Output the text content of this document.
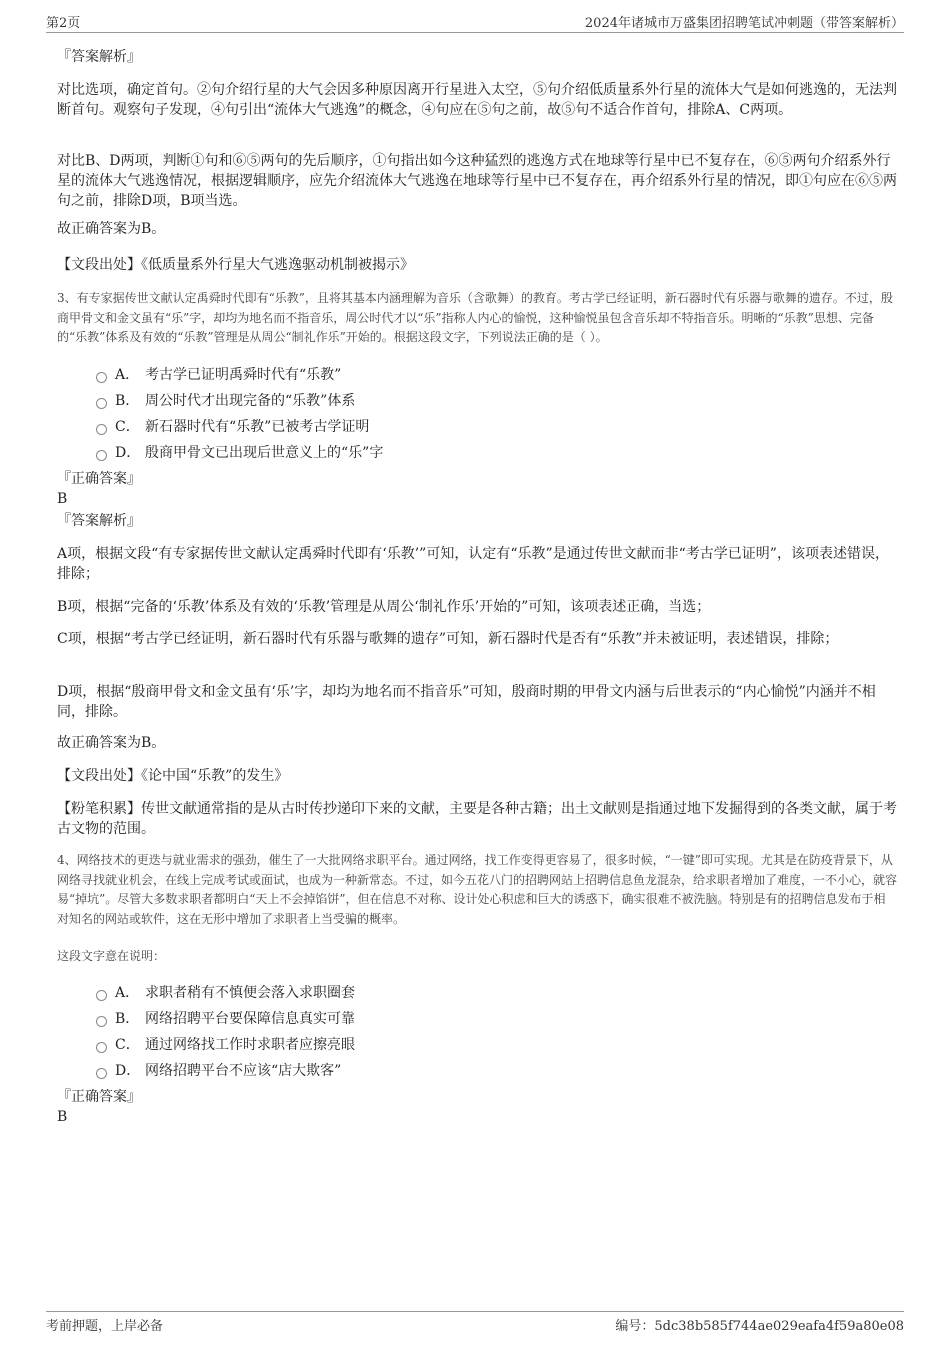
第2页	2024年诸城市万盛集团招聘笔试冲刺题（带答案解析）

『答案解析』

对比选项，确定首句。②句介绍行星的大气会因多种原因离开行星进入太空，⑤句介绍低质量系外行星的流体大气是如何逃逸的，无法判断首句。观察句子发现，④句引出“流体大气逃逸”的概念，④句应在⑤句之前，故⑤句不适合作首句，排除A、C两项。

对比B、D两项，判断①句和⑥⑤两句的先后顺序，①句指出如今这种猛烈的逃逸方式在地球等行星中已不复存在，⑥⑤两句介绍系外行星的流体大气逃逸情况，根据逻辑顺序，应先介绍流体大气逃逸在地球等行星中已不复存在，再介绍系外行星的情况，即①句应在⑥⑤两句之前，排除D项，B项当选。

故正确答案为B。

【文段出处】《低质量系外行星大气逃逸驱动机制被揭示》

3、有专家据传世文献认定禹舜时代即有“乐教”，且将其基本内涵理解为音乐（含歌舞）的教育。考古学已经证明，新石器时代有乐器与歌舞的遗存。不过，殷商甲骨文和金文虽有“乐”字，却均为地名而不指音乐，周公时代才以“乐”指称人内心的愉悦，这种愉悦虽包含音乐却不特指音乐。明晰的“乐教”思想、完备的“乐教”体系及有效的“乐教”管理是从周公“制礼作乐”开始的。根据这段文字，下列说法正确的是（ ）。

A． 考古学已证明禹舜时代有“乐教”
B． 周公时代才出现完备的“乐教”体系
C． 新石器时代有“乐教”已被考古学证明
D． 殷商甲骨文已出现后世意义上的“乐”字

『正确答案』

B

『答案解析』

A项，根据文段“有专家据传世文献认定禹舜时代即有‘乐教’”可知，认定有“乐教”是通过传世文献而非“考古学已证明”，该项表述错误，排除；

B项，根据“完备的‘乐教’体系及有效的‘乐教’管理是从周公‘制礼作乐’开始的”可知，该项表述正确，当选；

C项，根据“考古学已经证明，新石器时代有乐器与歌舞的遗存”可知，新石器时代是否有“乐教”并未被证明，表述错误，排除；

D项，根据“殷商甲骨文和金文虽有‘乐’字，却均为地名而不指音乐”可知，殷商时期的甲骨文内涵与后世表示的“内心愉悦”内涵并不相同，排除。

故正确答案为B。

【文段出处】《论中国“乐教”的发生》

【粉笔积累】传世文献通常指的是从古时传抄递印下来的文献，主要是各种古籍；出土文献则是指通过地下发掘得到的各类文献，属于考古文物的范围。

4、网络技术的更迭与就业需求的强劲，催生了一大批网络求职平台。通过网络，找工作变得更容易了，很多时候，“一键”即可实现。尤其是在防疫背景下，从网络寻找就业机会，在线上完成考试或面试，也成为一种新常态。不过，如今五花八门的招聘网站上招聘信息鱼龙混杂，给求职者增加了难度，一不小心，就容易“掉坑”。尽管大多数求职者都明白“天上不会掉馅饼”，但在信息不对称、设计处心积虑和巨大的诱惑下，确实很难不被洗脑。特别是有的招聘信息发布于相对知名的网站或软件，这在无形中增加了求职者上当受骗的概率。

这段文字意在说明：

A． 求职者稍有不慎便会落入求职圈套
B． 网络招聘平台要保障信息真实可靠
C． 通过网络找工作时求职者应擦亮眼
D． 网络招聘平台不应该“店大欺客”

『正确答案』

B

考前押题，上岸必备	编号：5dc38b585f744ae029eafa4f59a80e08
